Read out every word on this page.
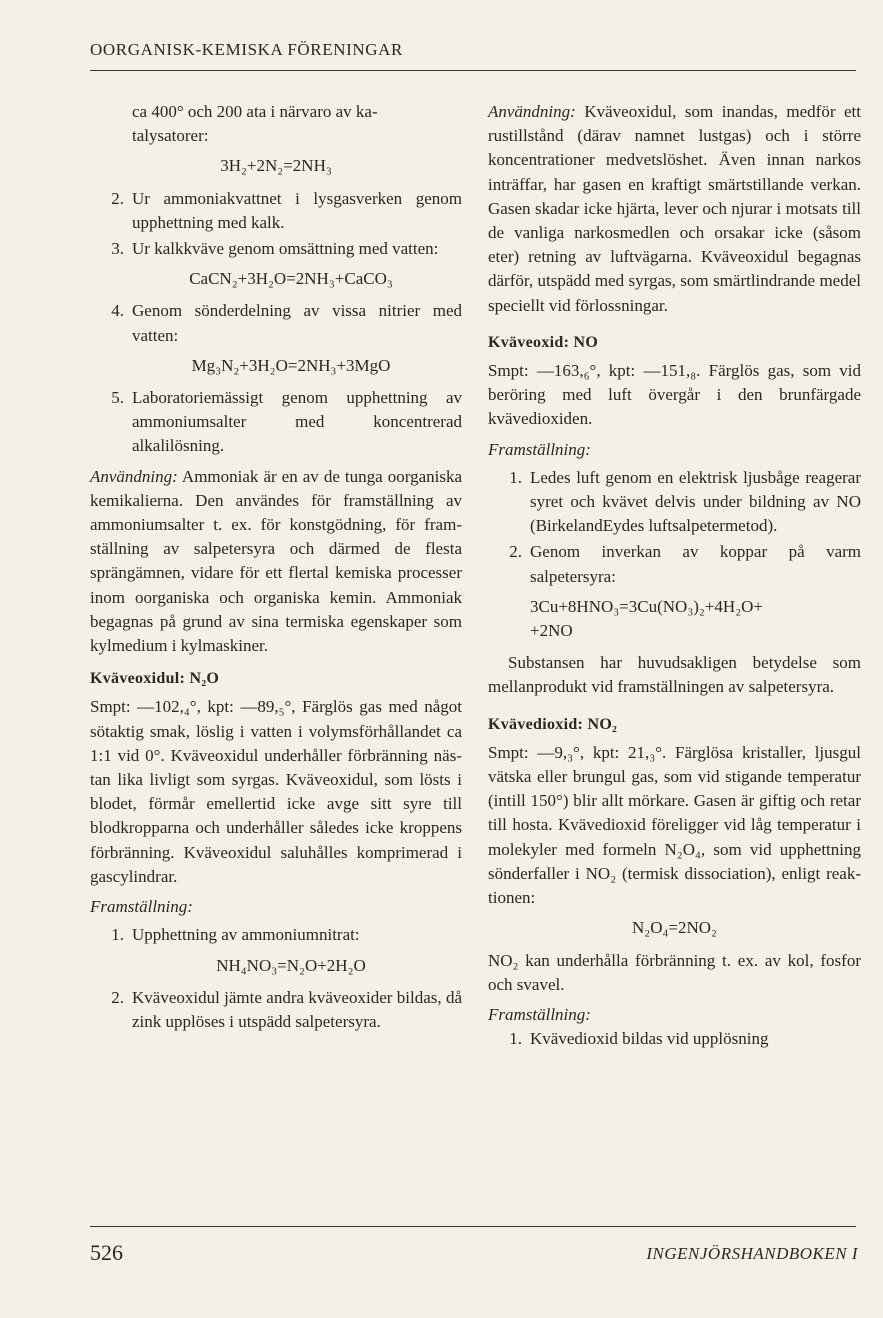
OORGANISK-KEMISKA FÖRENINGAR

ca 400° och 200 ata i närvaro av ka-

talysatorer:

3H₂+2N₂=2NH₃

2. Ur ammoniakvattnet i lysgasverken genom upphettning med kalk.
3. Ur kalkkväve genom omsättning med vatten:

CaCN₂+3H₂O=2NH₃+CaCO₃

4. Genom sönderdelning av vissa nitrier med vatten:

Mg₃N₂+3H₂O=2NH₃+3MgO

5. Laboratoriemässigt genom upphettning av ammoniumsalter med koncentrerad alkalilösning.

Användning: Ammoniak är en av de tunga oorganiska kemikalierna. Den användes för framställning av ammoniumsalter t. ex. för konstgödning, för framställning av salpetersyra och därmed de flesta sprängämnen, vidare för ett flertal kemiska processer inom oorganiska och organiska kemin. Ammoniak begagnas på grund av sina termiska egenskaper som kylmedium i kylmaskiner.

Kväveoxidul: N₂O

Smpt: —102,₄°, kpt: —89,₅°, Färglös gas med något sötaktig smak, löslig i vatten i volymsförhållandet ca 1:1 vid 0°. Kväveoxidul underhåller förbränning nästan lika livligt som syrgas. Kväveoxidul, som lösts i blodet, förmår emellertid icke avge sitt syre till blodkropparna och underhåller således icke kroppens förbränning. Kväveoxidul saluhålles komprimerad i gascylindrar.

Framställning:

1. Upphettning av ammoniumnitrat:

NH₄NO₃=N₂O+2H₂O

2. Kväveoxidul jämte andra kväveoxider bildas, då zink upplöses i utspädd salpetersyra.

Användning: Kväveoxidul, som inandas, medför ett rustillstånd (därav namnet lustgas) och i större koncentrationer medvetslöshet. Även innan narkos inträffar, har gasen en kraftigt smärtstillande verkan. Gasen skadar icke hjärta, lever och njurar i motsats till de vanliga narkosmedlen och orsakar icke (såsom eter) retning av luftvägarna. Kväveoxidul begagnas därför, utspädd med syrgas, som smärtlindrande medel speciellt vid förlossningar.

Kväveoxid: NO

Smpt: —163,₆°, kpt: —151,₈. Färglös gas, som vid beröring med luft övergår i den brunfärgade kvävedioxiden.

Framställning:

1. Ledes luft genom en elektrisk ljusbåge reagerar syret och kvävet delvis under bildning av NO (BirkelandEydes luftsalpetermetod).
2. Genom inverkan av koppar på varm salpetersyra:

3Cu+8HNO₃=3Cu(NO₃)₂+4H₂O+

+2NO

Substansen har huvudsakligen betydelse som mellanprodukt vid framställningen av salpetersyra.

Kvävedioxid: NO₂

Smpt: —9,₃°, kpt: 21,₃°. Färglösa kristaller, ljusgul vätska eller brungul gas, som vid stigande temperatur (intill 150°) blir allt mörkare. Gasen är giftig och retar till hosta. Kvävedioxid föreligger vid låg temperatur i molekyler med formeln N₂O₄, som vid upphettning sönderfaller i NO₂ (termisk dissociation), enligt reaktionen:

N₂O₄=2NO₂

NO₂ kan underhålla förbränning t. ex. av kol, fosfor och svavel.

Framställning:

1. Kvävedioxid bildas vid upplösning
526	INGENJÖRSHANDBOKEN I
